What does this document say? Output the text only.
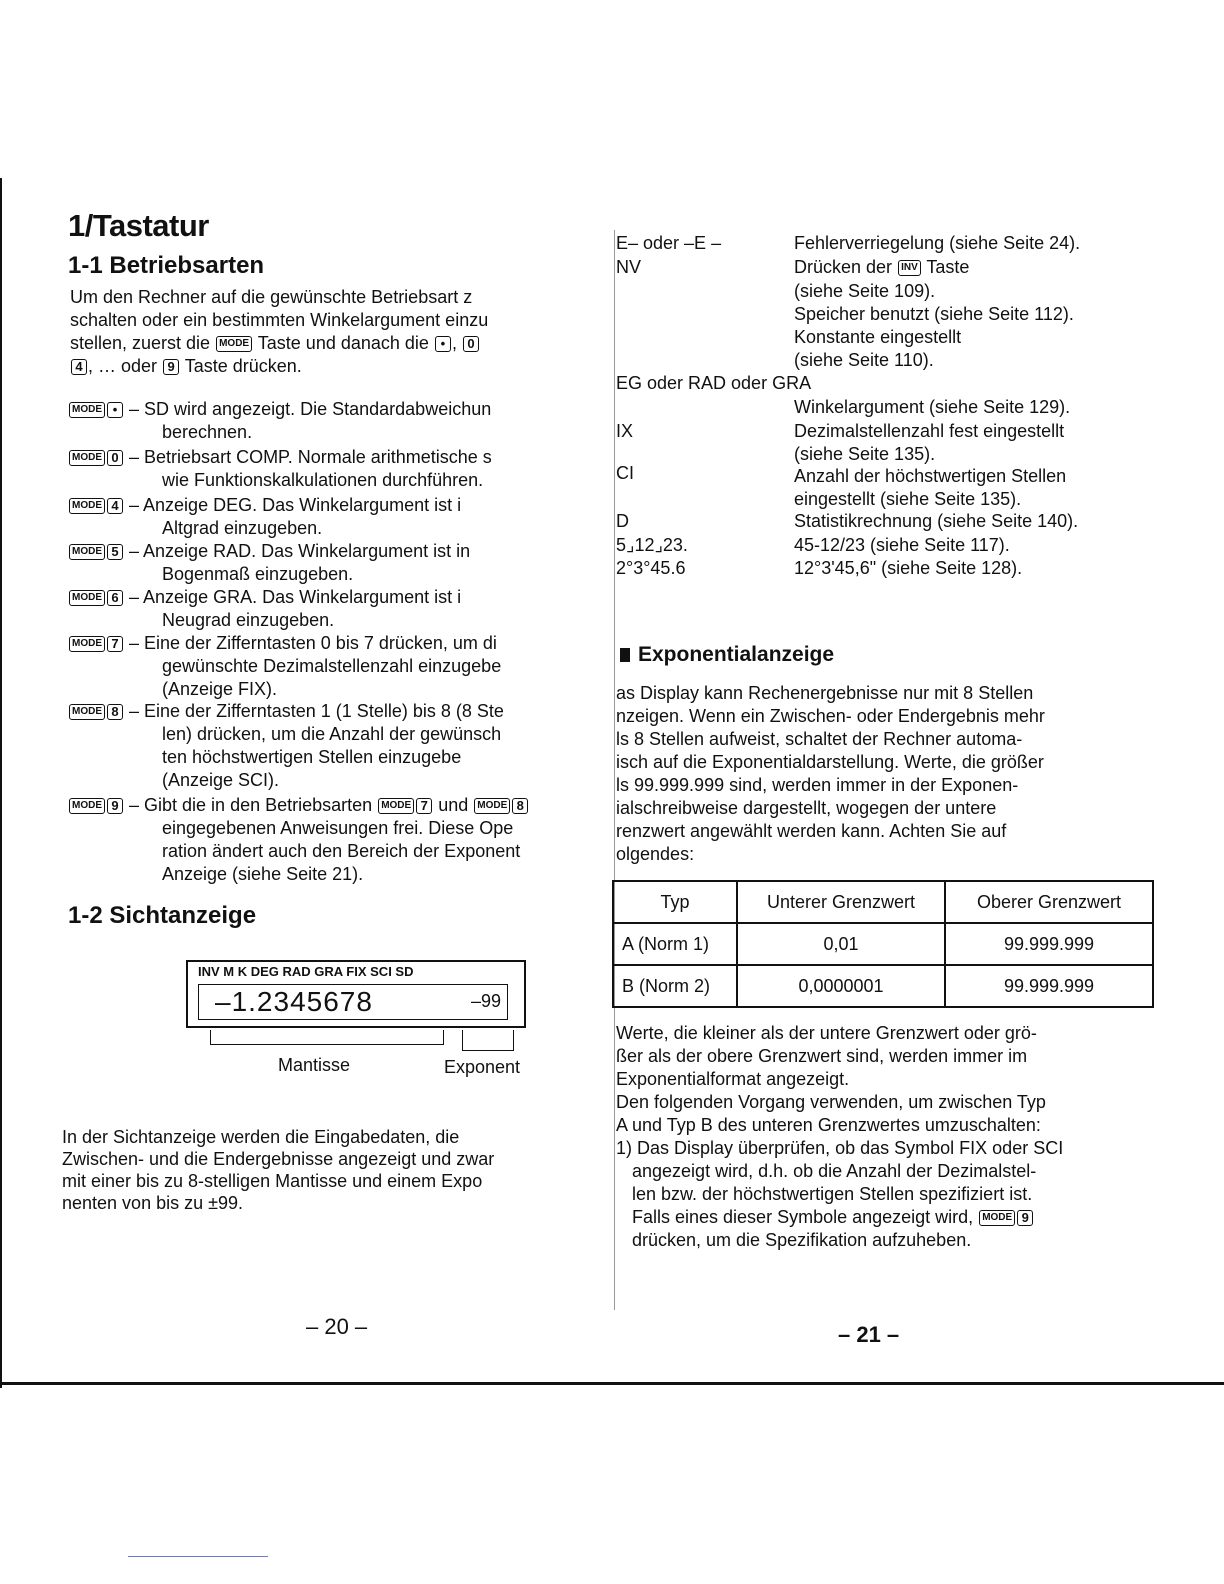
1/Tastatur
1-1 Betriebsarten
Um den Rechner auf die gewünschte Betriebsart z
schalten oder ein bestimmten Winkelargument einzu
stellen, zuerst die MODE Taste und danach die • , 0
4 , … oder 9 Taste drücken.
MODE • – SD wird angezeigt. Die Standardabweichun
berechnen.
MODE 0 – Betriebsart COMP. Normale arithmetische s
wie Funktionskalkulationen durchführen.
MODE 4 – Anzeige DEG. Das Winkelargument ist i
Altgrad einzugeben.
MODE 5 – Anzeige RAD. Das Winkelargument ist in
Bogenmaß einzugeben.
MODE 6 – Anzeige GRA. Das Winkelargument ist i
Neugrad einzugeben.
MODE 7 – Eine der Zifferntasten 0 bis 7 drücken, um di
gewünschte Dezimalstellenzahl einzugebe
(Anzeige FIX).
MODE 8 – Eine der Zifferntasten 1 (1 Stelle) bis 8 (8 Ste
len) drücken, um die Anzahl der gewünsch
ten höchstwertigen Stellen einzugebe
(Anzeige SCI).
MODE 9 – Gibt die in den Betriebsarten MODE 7 und MODE 8
eingegebenen Anweisungen frei. Diese Ope
ration ändert auch den Bereich der Exponent
Anzeige (siehe Seite 21).
1-2 Sichtanzeige
INV M K DEG RAD GRA FIX SCI SD
–1.2345678	–99
Mantisse	Exponent
In der Sichtanzeige werden die Eingabedaten, die
Zwischen- und die Endergebnisse angezeigt und zwar
mit einer bis zu 8-stelligen Mantisse und einem Expo
nenten von bis zu ±99.
– 20 –
E– oder –E –	Fehlerverriegelung (siehe Seite 24).
NV	Drücken der INV Taste
(siehe Seite 109).
Speicher benutzt (siehe Seite 112).
Konstante eingestellt
(siehe Seite 110).
EG oder RAD oder GRA
Winkelargument (siehe Seite 129).
IX	Dezimalstellenzahl fest eingestellt
(siehe Seite 135).
CI	Anzahl der höchstwertigen Stellen
eingestellt (siehe Seite 135).
D	Statistikrechnung (siehe Seite 140).
5⌟12⌟23.	45-12/23 (siehe Seite 117).
2°3°45.6	12°3'45,6" (siehe Seite 128).
Exponentialanzeige
as Display kann Rechenergebnisse nur mit 8 Stellen
nzeigen. Wenn ein Zwischen- oder Endergebnis mehr
ls 8 Stellen aufweist, schaltet der Rechner automa-
isch auf die Exponentialdarstellung. Werte, die größer
ls 99.999.999 sind, werden immer in der Exponen-
ialschreibweise dargestellt, wogegen der untere
renzwert angewählt werden kann. Achten Sie auf
olgendes:
Typ	Unterer Grenzwert	Oberer Grenzwert
A (Norm 1)	0,01	99.999.999
B (Norm 2)	0,0000001	99.999.999
Werte, die kleiner als der untere Grenzwert oder grö-
ßer als der obere Grenzwert sind, werden immer im
Exponentialformat angezeigt.
Den folgenden Vorgang verwenden, um zwischen Typ
A und Typ B des unteren Grenzwertes umzuschalten:
1) Das Display überprüfen, ob das Symbol FIX oder SCI
angezeigt wird, d.h. ob die Anzahl der Dezimalstel-
len bzw. der höchstwertigen Stellen spezifiziert ist.
Falls eines dieser Symbole angezeigt wird, MODE 9
drücken, um die Spezifikation aufzuheben.
– 21 –
